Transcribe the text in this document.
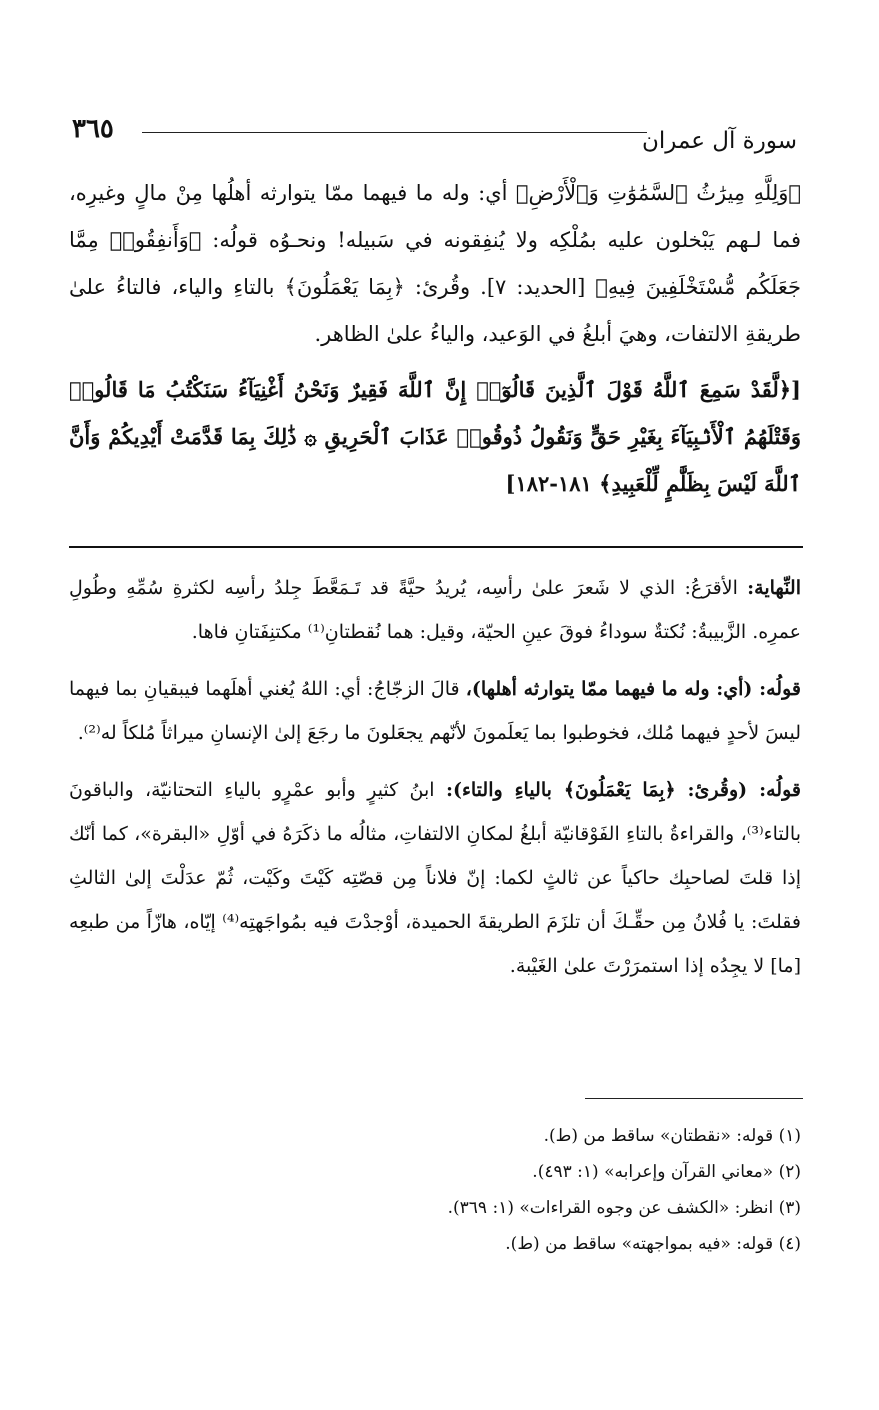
سورة آل عمران
٣٦٥

﴿وَلِلَّهِ مِيرَٰثُ ٱلسَّمَٰوَٰتِ وَٱلْأَرْضِ﴾ أي: وله ما فيهما ممّا يتوارثه أهلُها مِنْ مالٍ وغيرِه، فما لـهم يَبْخلون عليه بمُلْكِه ولا يُنفِقونه في سَبيله! ونحـوُه قولُه: ﴿وَأَنفِقُوا۟ مِمَّا جَعَلَكُم مُّسْتَخْلَفِينَ فِيهِ﴾ [الحديد: ٧]. وقُرئ: ﴿بِمَا يَعْمَلُونَ﴾ بالتاءِ والياء، فالتاءُ علىٰ طريقةِ الالتفات، وهيَ أبلغُ في الوَعيد، والياءُ علىٰ الظاهر.

[﴿لَّقَدْ سَمِعَ ٱللَّهُ قَوْلَ ٱلَّذِينَ قَالُوٓا۟ إِنَّ ٱللَّهَ فَقِيرٌ وَنَحْنُ أَغْنِيَآءُ سَنَكْتُبُ مَا قَالُوا۟ وَقَتْلَهُمُ ٱلْأَنۢبِيَآءَ بِغَيْرِ حَقٍّ وَنَقُولُ ذُوقُوا۟ عَذَابَ ٱلْحَرِيقِ ۞ ذَٰلِكَ بِمَا قَدَّمَتْ أَيْدِيكُمْ وَأَنَّ ٱللَّهَ لَيْسَ بِظَلَّٰمٍ لِّلْعَبِيدِ﴾ ١٨١-١٨٢]

النِّهاية: الأقرَعُ: الذي لا شَعرَ علىٰ رأسِه، يُريدُ حيَّةً قد تَـمَعَّطَ جِلدُ رأسِه لكثرةِ سُمِّهِ وطُولِ عمرِه. الزَّبيبةُ: نُكتةٌ سوداءُ فوقَ عينِ الحيّة، وقيل: هما نُقطتانِ⁽¹⁾ مكتنِفَتانِ فاها.

قولُه: (أي: وله ما فيهما ممّا يتوارثه أهلها)، قالَ الزجّاجُ: أي: اللهُ يُغني أهلَهما فيبقيانِ بما فيهما ليسَ لأحدٍ فيهما مُلك، فخوطبوا بما يَعلَمونَ لأنّهم يجعَلونَ ما رجَعَ إلىٰ الإنسانِ ميراثاً مُلكاً له⁽²⁾.

قولُه: (وقُرئ: ﴿بِمَا يَعْمَلُونَ﴾ بالياءِ والتاء): ابنُ كثيرٍ وأبو عمْرٍو بالياءِ التحتانيّة، والباقونَ بالتاء⁽³⁾، والقراءةُ بالتاءِ الفَوْقانيّة أبلغُ لمكانِ الالتفاتِ، مثالُه ما ذكَرَهُ في أوّلِ «البقرة»، كما أنّك إذا قلتَ لصاحبِك حاكياً عن ثالثٍ لكما: إنّ فلاناً مِن قصّتِه كَيْتَ وكَيْت، ثُمّ عدَلْتَ إلىٰ الثالثِ فقلتَ: يا فُلانُ مِن حقِّـكَ أن تلزَمَ الطريقةَ الحميدة، أوْجدْتَ فيه بمُواجَهتِه⁽⁴⁾ إيّاه، هازّاً من طبعِه [ما] لا يجِدُه إذا استمرَرْتَ علىٰ الغَيْبة.

(١) قوله: «نقطتان» ساقط من (ط).

(٢) «معاني القرآن وإعرابه» (١: ٤٩٣).

(٣) انظر: «الكشف عن وجوه القراءات» (١: ٣٦٩).

(٤) قوله: «فيه بمواجهته» ساقط من (ط).
